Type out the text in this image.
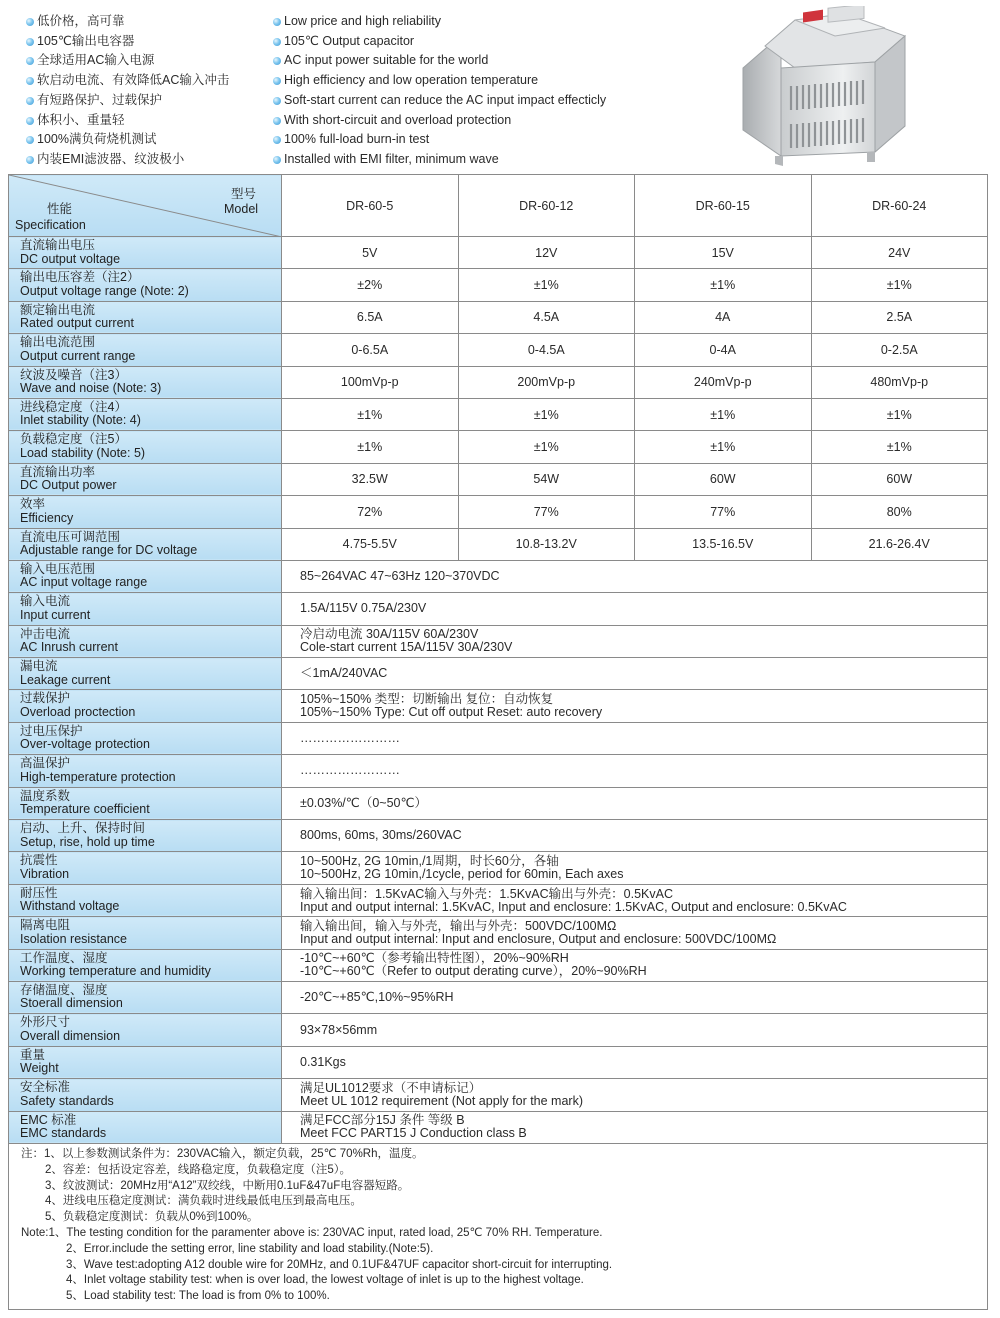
低价格，高可靠
105℃输出电容器
全球适用AC输入电源
软启动电流、有效降低AC输入冲击
有短路保护、过载保护
体积小、重量轻
100%满负荷烧机测试
内装EMI滤波器、纹波极小
Low price and high reliability
105℃ Output capacitor
AC input power suitable for the world
High efficiency and low operation temperature
Soft-start current can reduce the AC input impact effecticly
With short-circuit and overload protection
100% full-load burn-in test
Installed with EMI filter, minimum wave
型号
Model
性能
Specification	DR-60-5	DR-60-12	DR-60-15	DR-60-24

直流输出电压
DC output voltage	5V	12V	15V	24V

输出电压容差（注2）
Output voltage range (Note: 2)	±2%	±1%	±1%	±1%

额定输出电流
Rated output current	6.5A	4.5A	4A	2.5A

输出电流范围
Output current range	0-6.5A	0-4.5A	0-4A	0-2.5A

纹波及噪音（注3）
Wave and noise (Note: 3)	100mVp-p	200mVp-p	240mVp-p	480mVp-p

进线稳定度（注4）
Inlet stability (Note: 4)	±1%	±1%	±1%	±1%

负载稳定度（注5）
Load stability (Note: 5)	±1%	±1%	±1%	±1%

直流输出功率
DC Output power	32.5W	54W	60W	60W

效率
Efficiency	72%	77%	77%	80%

直流电压可调范围
Adjustable range for DC voltage	4.75-5.5V	10.8-13.2V	13.5-16.5V	21.6-26.4V

输入电压范围
AC input voltage range	85~264VAC 47~63Hz 120~370VDC			

输入电流
Input current	1.5A/115V 0.75A/230V			

冲击电流
AC Inrush current	冷启动电流 30A/115V 60A/230V
Cole-start current 15A/115V 30A/230V			

漏电流
Leakage current	＜1mA/240VAC			

过载保护
Overload proctection	105%~150% 类型：切断输出 复位：自动恢复
105%~150% Type: Cut off output Reset: auto recovery			

过电压保护
Over-voltage protection	……………………			

高温保护
High-temperature protection	……………………			

温度系数
Temperature coefficient	±0.03%/℃（0~50℃）			

启动、上升、保持时间
Setup, rise, hold up time	800ms, 60ms, 30ms/260VAC			

抗震性
Vibration	10~500Hz, 2G 10min,/1周期，时长60分，各轴
10~500Hz, 2G 10min,/1cycle, period for 60min, Each axes			

耐压性
Withstand voltage	输入输出间：1.5KvAC输入与外壳：1.5KvAC输出与外壳：0.5KvAC
Input and output internal: 1.5KvAC, Input and enclosure: 1.5KvAC, Output and enclosure: 0.5KvAC			

隔离电阻
Isolation resistance	输入输出间，输入与外壳，输出与外壳：500VDC/100MΩ
Input and output internal: Input and enclosure, Output and enclosure: 500VDC/100MΩ			

工作温度、湿度
Working temperature and humidity	-10℃~+60℃（参考输出特性图），20%~90%RH
-10℃~+60℃（Refer to output derating curve），20%~90%RH			

存储温度、湿度
Stoerall dimension	-20℃~+85℃,10%~95%RH			

外形尺寸
Overall dimension	93×78×56mm			

重量
Weight	0.31Kgs			

安全标准
Safety standards	满足UL1012要求（不申请标记）
Meet UL 1012 requirement (Not apply for the mark)			

EMC 标准
EMC standards	满足FCC部分15J 条件 等级 B
Meet FCC PART15 J Conduction class B			
注：1、以上参数测试条件为：230VAC输入，额定负载，25℃ 70%Rh，温度。
2、容差：包括设定容差，线路稳定度，负载稳定度（注5）。
3、纹波测试：20MHz用“A12”双绞线，中断用0.1uF&47uF电容器短路。
4、进线电压稳定度测试：满负载时进线最低电压到最高电压。
5、负载稳定度测试：负载从0%到100%。
Note:1、The testing condition for the paramenter above is: 230VAC input, rated load, 25℃ 70% RH. Temperature.
2、Error.include the setting error, line stability and load stability.(Note:5).
3、Wave test:adopting A12 double wire for 20MHz, and 0.1UF&47UF capacitor short-circuit for interrupting.
4、Inlet voltage stability test: when is over load, the lowest voltage of inlet is up to the highest voltage.
5、Load stability test: The load is from 0% to 100%.
